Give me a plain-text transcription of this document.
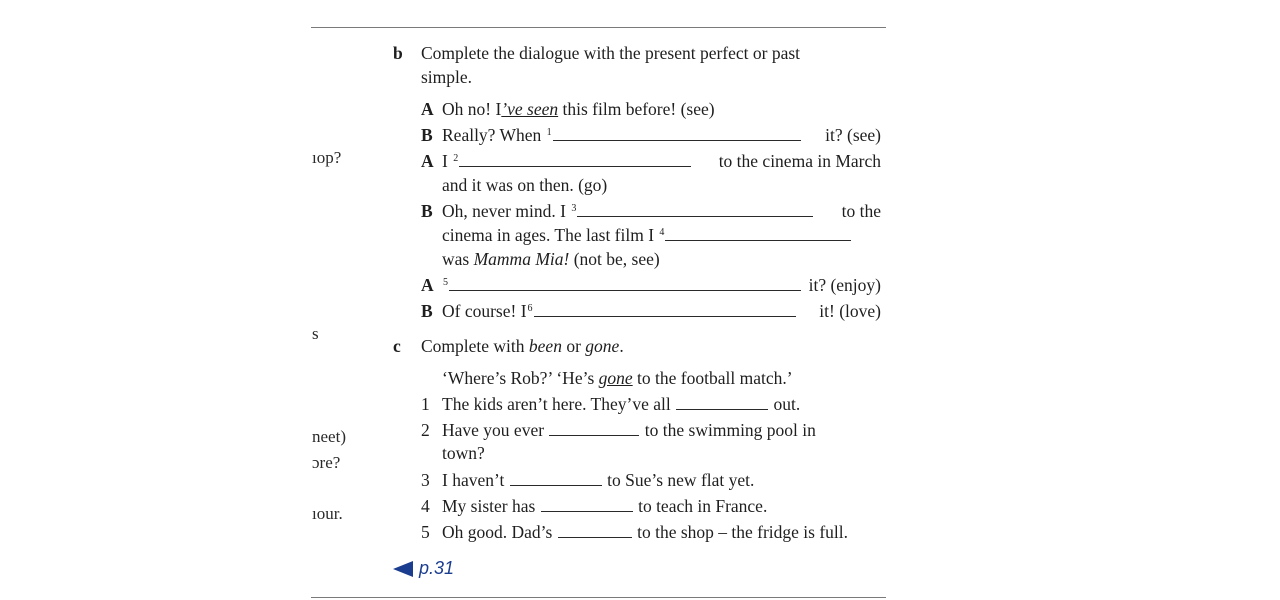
ıop?
s
neet)
ɔre?
ıour.
b Complete the dialogue with the present perfect or past
simple.
A Oh no! I’ve seen this film before! (see)
B Really? When $^1$	it? (see)
A I $^2$	to the cinema in March
and it was on then. (go)
B Oh, never mind. I $^3$	to the
cinema in ages. The last film I $^4$
was Mamma Mia! (not be, see)
A $^5$	it? (enjoy)
B Of course! $I^6$	it! (love)
c Complete with been or gone.
‘Where’s Rob?’ ‘He’s gone to the football match.’
1 The kids aren’t here. They’ve all	out.
2 Have you ever	to the swimming pool in
town?
3 I haven’t	to Sue’s new flat yet.
4 My sister has	to teach in France.
5 Oh good. Dad’s	to the shop – the fridge is full.
p.31
